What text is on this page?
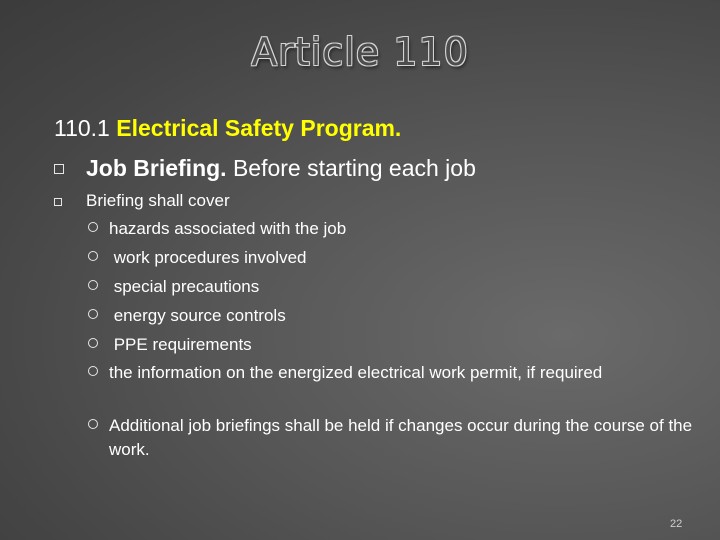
Article 110
110.1 Electrical Safety Program.
Job Briefing. Before starting each job
Briefing shall cover
hazards associated with the job
work procedures involved
special precautions
energy source controls
PPE requirements
the information on the energized electrical work permit, if required
Additional job briefings shall be held if changes occur during the course of the work.
22
